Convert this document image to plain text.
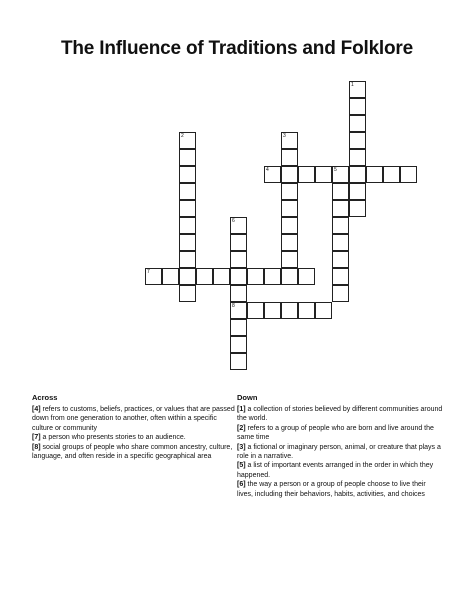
The Influence of Traditions and Folklore
1
2	3
4	5
6
8
7
Across
[4] refers to customs, beliefs, practices, or values that are passed down from one generation to another, often within a specific culture or community
[7] a person who presents stories to an audience.
[8] social groups of people who share common ancestry, culture, language, and often reside in a specific geographical area
Down
[1] a collection of stories believed by different communities around the world.
[2] refers to a group of people who are born and live around the same time
[3] a fictional or imaginary person, animal, or creature that plays a role in a narrative.
[5] a list of important events arranged in the order in which they happened.
[6] the way a person or a group of people choose to live their lives, including their behaviors, habits, activities, and choices
